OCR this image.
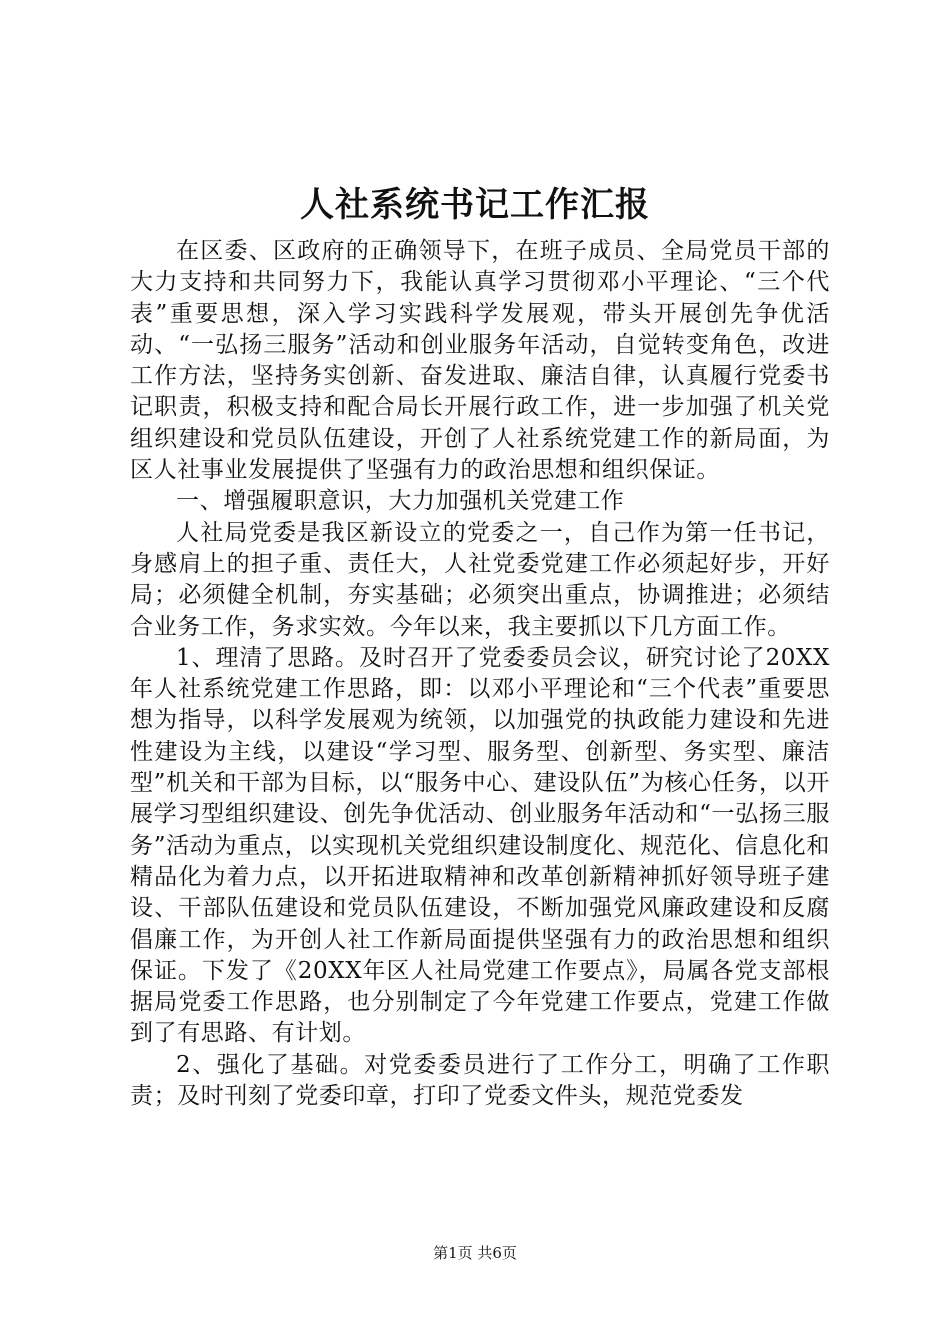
人社系统书记工作汇报

在区委、区政府的正确领导下，在班子成员、全局党员干部的大力支持和共同努力下，我能认真学习贯彻邓小平理论、“三个代表”重要思想，深入学习实践科学发展观，带头开展创先争优活动、“一弘扬三服务”活动和创业服务年活动，自觉转变角色，改进工作方法，坚持务实创新、奋发进取、廉洁自律，认真履行党委书记职责，积极支持和配合局长开展行政工作，进一步加强了机关党组织建设和党员队伍建设，开创了人社系统党建工作的新局面，为区人社事业发展提供了坚强有力的政治思想和组织保证。

一、增强履职意识，大力加强机关党建工作

人社局党委是我区新设立的党委之一，自己作为第一任书记，身感肩上的担子重、责任大，人社党委党建工作必须起好步，开好局；必须健全机制，夯实基础；必须突出重点，协调推进；必须结合业务工作，务求实效。今年以来，我主要抓以下几方面工作。

1、理清了思路。及时召开了党委委员会议，研究讨论了20XX年人社系统党建工作思路，即：以邓小平理论和“三个代表”重要思想为指导，以科学发展观为统领，以加强党的执政能力建设和先进性建设为主线，以建设“学习型、服务型、创新型、务实型、廉洁型”机关和干部为目标，以“服务中心、建设队伍”为核心任务，以开展学习型组织建设、创先争优活动、创业服务年活动和“一弘扬三服务”活动为重点，以实现机关党组织建设制度化、规范化、信息化和精品化为着力点，以开拓进取精神和改革创新精神抓好领导班子建设、干部队伍建设和党员队伍建设，不断加强党风廉政建设和反腐倡廉工作，为开创人社工作新局面提供坚强有力的政治思想和组织保证。下发了《20XX年区人社局党建工作要点》，局属各党支部根据局党委工作思路，也分别制定了今年党建工作要点，党建工作做到了有思路、有计划。

2、强化了基础。对党委委员进行了工作分工，明确了工作职责；及时刊刻了党委印章，打印了党委文件头，规范党委发

第1页 共6页
